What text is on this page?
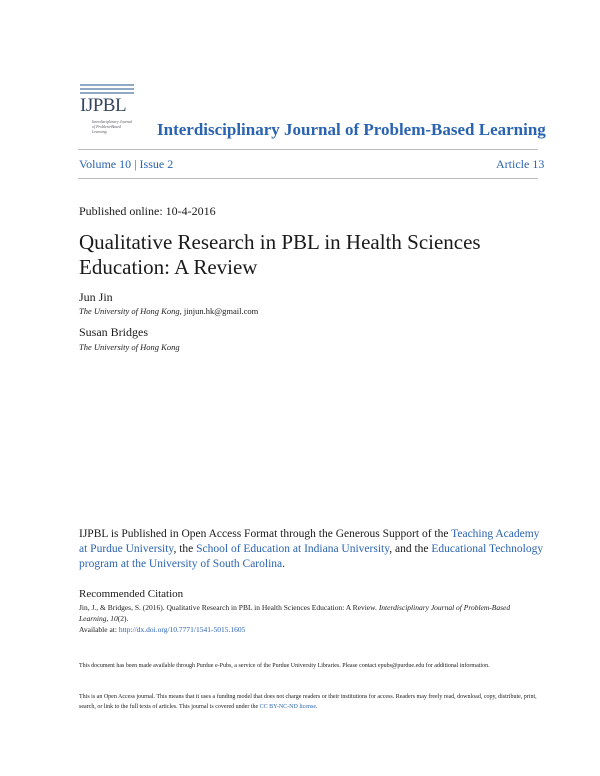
IJPBL
Interdisciplinary Journal of Problem-Based Learning	Interdisciplinary Journal of Problem-Based Learning
Volume 10 | Issue 2	Article 13
Published online: 10-4-2016
Qualitative Research in PBL in Health Sciences Education: A Review
Jun Jin
The University of Hong Kong, jinjun.hk@gmail.com
Susan Bridges
The University of Hong Kong
IJPBL is Published in Open Access Format through the Generous Support of the Teaching Academy at Purdue University, the School of Education at Indiana University, and the Educational Technology program at the University of South Carolina.
Recommended Citation
Jin, J., & Bridges, S. (2016). Qualitative Research in PBL in Health Sciences Education: A Review. Interdisciplinary Journal of Problem-Based Learning, 10(2).
Available at: http://dx.doi.org/10.7771/1541-5015.1605
This document has been made available through Purdue e-Pubs, a service of the Purdue University Libraries. Please contact epubs@purdue.edu for additional information.
This is an Open Access journal. This means that it uses a funding model that does not charge readers or their institutions for access. Readers may freely read, download, copy, distribute, print, search, or link to the full texts of articles. This journal is covered under the CC BY-NC-ND license.
